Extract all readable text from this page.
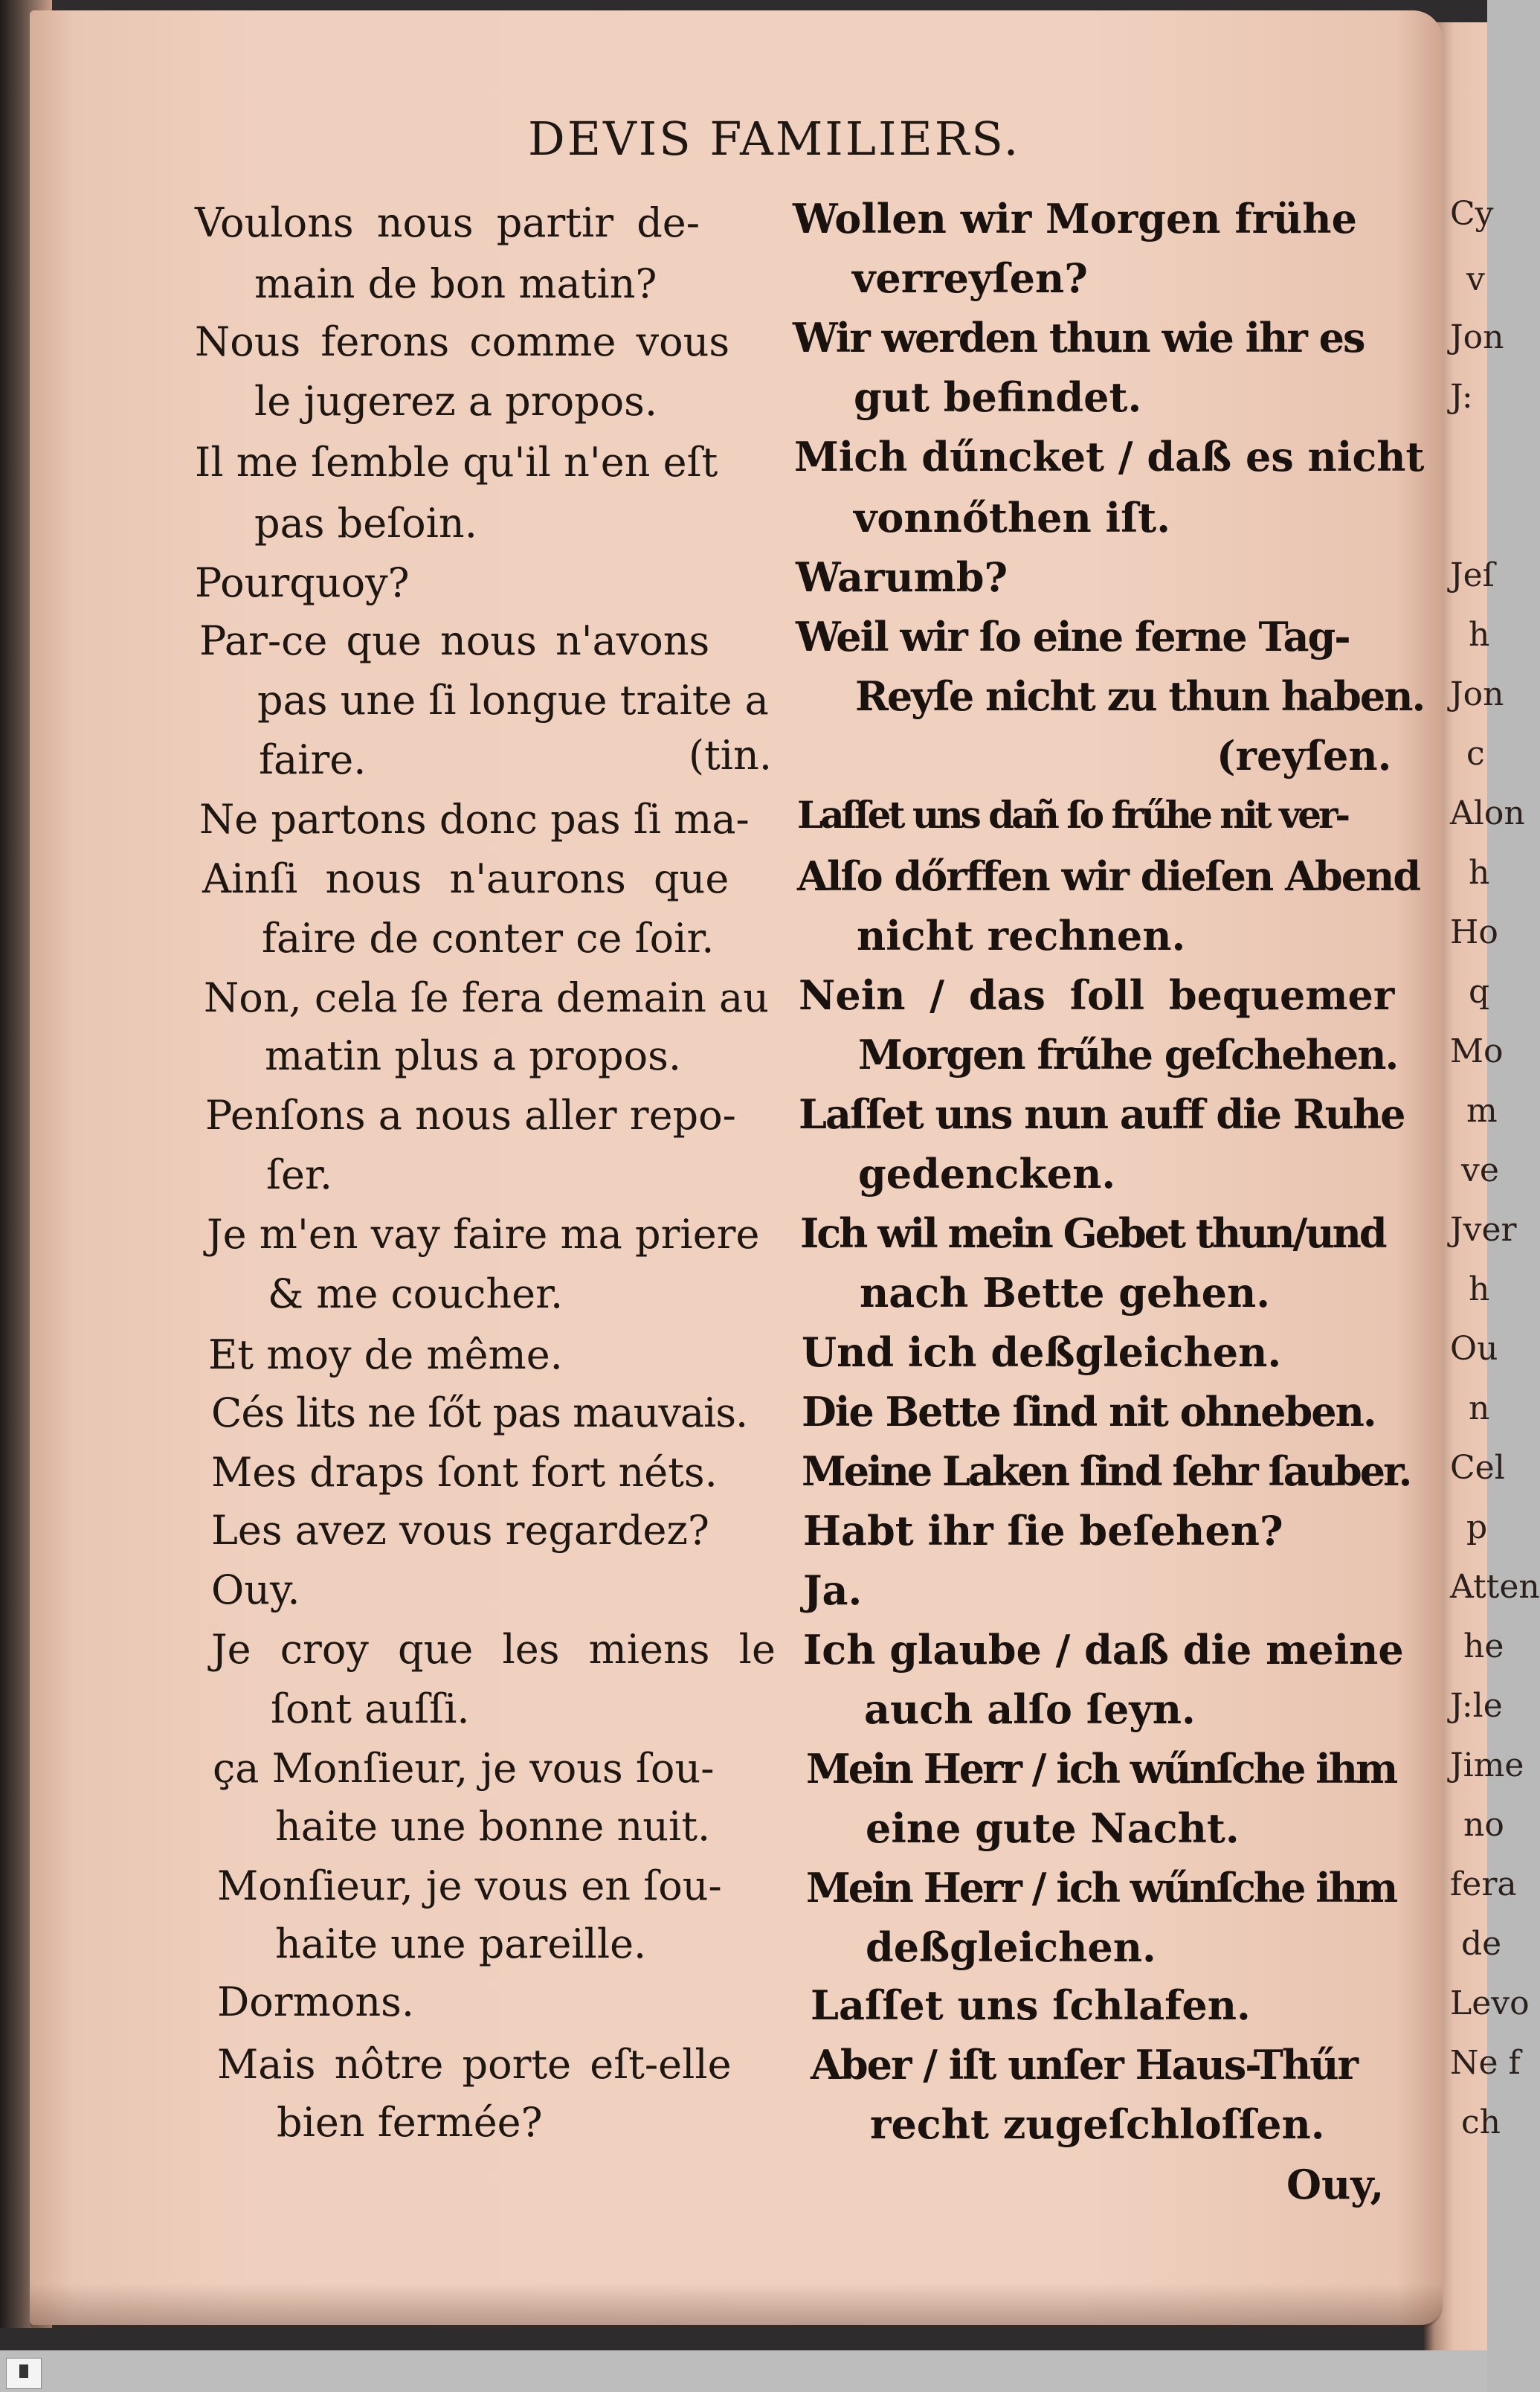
DEVIS FAMILIERS.
Voulons nous partir de-
main de bon matin?
Nous ferons comme vous
le jugerez a propos.
Il me ſemble qu'il n'en eſt
pas beſoin.
Pourquoy?
Par-ce que nous n'avons
pas une ſi longue traite a
faire.	(tin.
Ne partons donc pas ſi ma-
Ainſi nous n'aurons que
faire de conter ce ſoir.
Non, cela ſe fera demain au
matin plus a propos.
Penſons a nous aller repo-
ſer.
Je m'en vay faire ma priere
& me coucher.
Et moy de même.
Cés lits ne ſőt pas mauvais.
Mes draps ſont fort néts.
Les avez vous regardez?
Ouy.
Je croy que les miens le
ſont auſſi.
ça Monſieur, je vous ſou-
haite une bonne nuit.
Monſieur, je vous en ſou-
haite une pareille.
Dormons.
Mais nôtre porte eſt-elle
bien fermée?
Wollen wir Morgen frühe
verreyſen?
Wir werden thun wie ihr es
gut befindet.
Mich dűncket / daß es nicht
vonnőthen iſt.
Warumb?
Weil wir ſo eine ferne Tag-
Reyſe nicht zu thun haben.
(reyſen.
Laſſet uns dañ ſo frűhe nit ver-
Alſo dőrffen wir dieſen Abend
nicht rechnen.
Nein / das ſoll bequemer
Morgen frűhe geſchehen.
Laſſet uns nun auff die Ruhe
gedencken.
Ich wil mein Gebet thun/und
nach Bette gehen.
Und ich deßgleichen.
Die Bette ſind nit ohneben.
Meine Laken ſind ſehr ſauber.
Habt ihr ſie beſehen?
Ja.
Ich glaube / daß die meine
auch alſo ſeyn.
Mein Herr / ich wűnſche ihm
eine gute Nacht.
Mein Herr / ich wűnſche ihm
deßgleichen.
Laſſet uns ſchlafen.
Aber / iſt unſer Haus-Thűr
recht zugeſchloſſen.
Ouy,
Cy
v
Jon
J:
Jeſ
h
Jon
c
Alon
h
Ho
q
Mo
m
ve
Jver
h
Ou
n
Cel
p
Atten
he
J:le
Jime
no
fera
de
Levo
Ne f
ch
